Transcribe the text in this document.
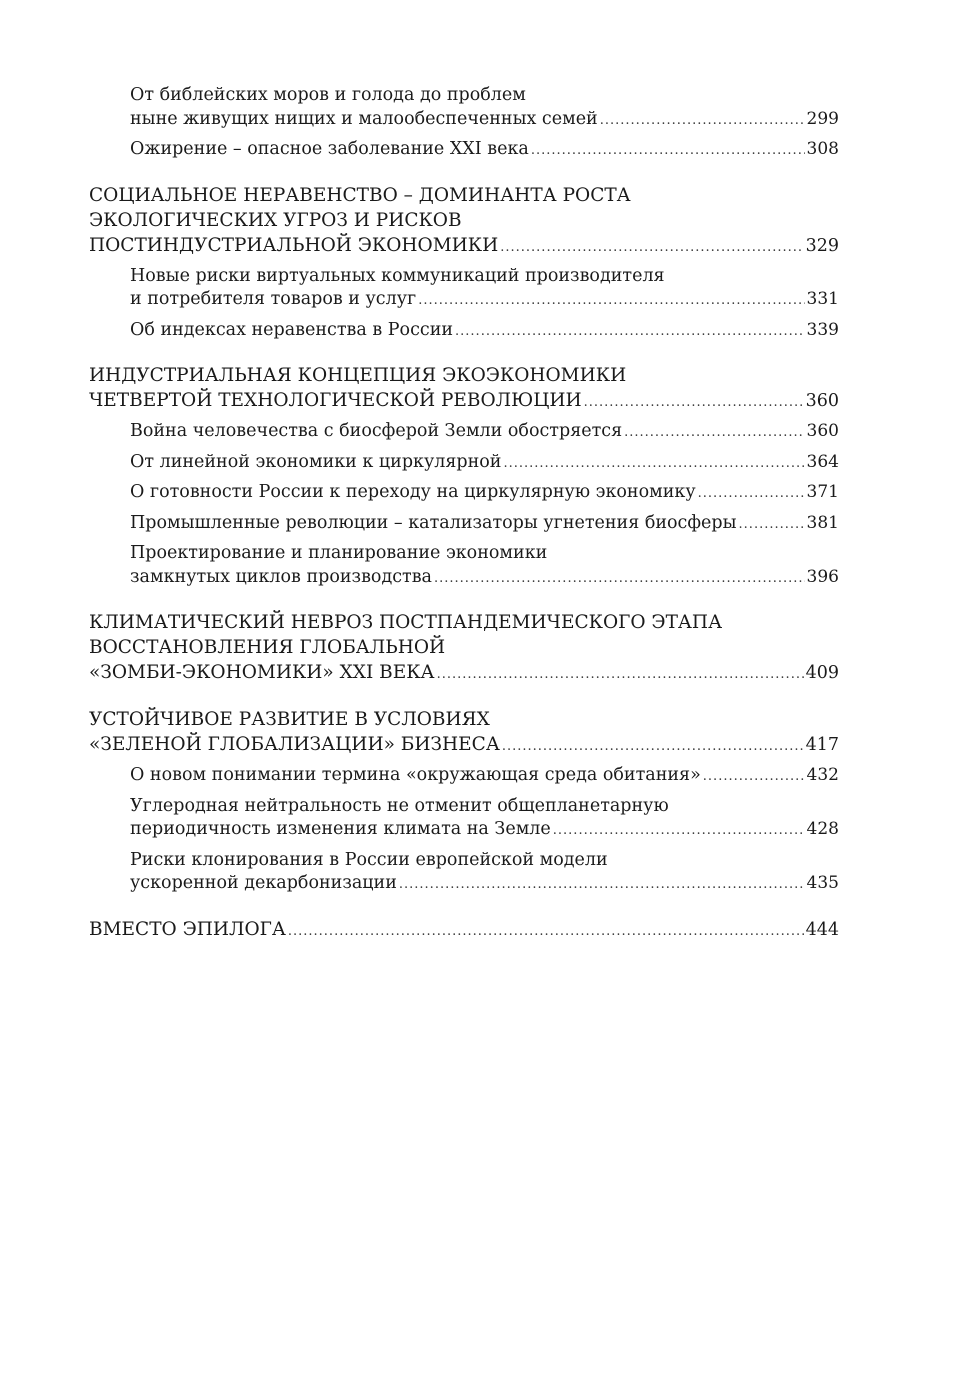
От библейских моров и голода до проблем
ныне живущих нищих и малообеспеченных семей .....	299
Ожирение – опасное заболевание XXI века .....	308
СОЦИАЛЬНОЕ НЕРАВЕНСТВО – ДОМИНАНТА РОСТА
ЭКОЛОГИЧЕСКИХ УГРОЗ И РИСКОВ
ПОСТИНДУСТРИАЛЬНОЙ ЭКОНОМИКИ .....	329
Новые риски виртуальных коммуникаций производителя
и потребителя товаров и услуг .....	331
Об индексах неравенства в России .....	339
ИНДУСТРИАЛЬНАЯ КОНЦЕПЦИЯ ЭКОЭКОНОМИКИ
ЧЕТВЕРТОЙ ТЕХНОЛОГИЧЕСКОЙ РЕВОЛЮЦИИ .....	360
Война человечества с биосферой Земли обостряется .....	360
От линейной экономики к циркулярной .....	364
О готовности России к переходу на циркулярную экономику .....	371
Промышленные революции – катализаторы угнетения биосферы .....	381
Проектирование и планирование экономики
замкнутых циклов производства .....	396
КЛИМАТИЧЕСКИЙ НЕВРОЗ ПОСТПАНДЕМИЧЕСКОГО ЭТАПА
ВОССТАНОВЛЕНИЯ ГЛОБАЛЬНОЙ
«ЗОМБИ-ЭКОНОМИКИ» XXI ВЕКА .....	409
УСТОЙЧИВОЕ РАЗВИТИЕ В УСЛОВИЯХ
«ЗЕЛЕНОЙ ГЛОБАЛИЗАЦИИ» БИЗНЕСА .....	417
О новом понимании термина «окружающая среда обитания» .....	432
Углеродная нейтральность не отменит общепланетарную
периодичность изменения климата на Земле .....	428
Риски клонирования в России европейской модели
ускоренной декарбонизации .....	435
ВМЕСТО ЭПИЛОГА .....	444
